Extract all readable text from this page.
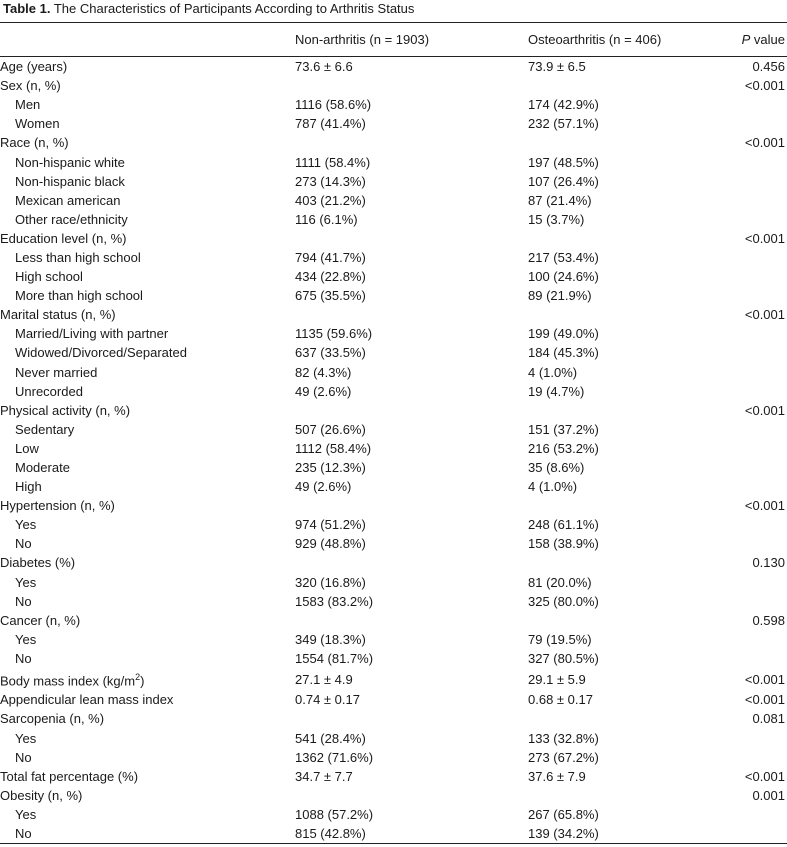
Table 1. The Characteristics of Participants According to Arthritis Status
	Non-arthritis (n = 1903)	Osteoarthritis (n = 406)	P value
Age (years)	73.6 ± 6.6	73.9 ± 6.5	0.456
Sex (n, %)			<0.001
Men	1116 (58.6%)	174 (42.9%)	
Women	787 (41.4%)	232 (57.1%)	
Race (n, %)			<0.001
Non-hispanic white	1111 (58.4%)	197 (48.5%)	
Non-hispanic black	273 (14.3%)	107 (26.4%)	
Mexican american	403 (21.2%)	87 (21.4%)	
Other race/ethnicity	116 (6.1%)	15 (3.7%)	
Education level (n, %)			<0.001
Less than high school	794 (41.7%)	217 (53.4%)	
High school	434 (22.8%)	100 (24.6%)	
More than high school	675 (35.5%)	89 (21.9%)	
Marital status (n, %)			<0.001
Married/Living with partner	1135 (59.6%)	199 (49.0%)	
Widowed/Divorced/Separated	637 (33.5%)	184 (45.3%)	
Never married	82 (4.3%)	4 (1.0%)	
Unrecorded	49 (2.6%)	19 (4.7%)	
Physical activity (n, %)			<0.001
Sedentary	507 (26.6%)	151 (37.2%)	
Low	1112 (58.4%)	216 (53.2%)	
Moderate	235 (12.3%)	35 (8.6%)	
High	49 (2.6%)	4 (1.0%)	
Hypertension (n, %)			<0.001
Yes	974 (51.2%)	248 (61.1%)	
No	929 (48.8%)	158 (38.9%)	
Diabetes (%)			0.130
Yes	320 (16.8%)	81 (20.0%)	
No	1583 (83.2%)	325 (80.0%)	
Cancer (n, %)			0.598
Yes	349 (18.3%)	79 (19.5%)	
No	1554 (81.7%)	327 (80.5%)	
Body mass index $(kg/m^2)$	27.1 ± 4.9	29.1 ± 5.9	<0.001
Appendicular lean mass index	0.74 ± 0.17	0.68 ± 0.17	<0.001
Sarcopenia (n, %)			0.081
Yes	541 (28.4%)	133 (32.8%)	
No	1362 (71.6%)	273 (67.2%)	
Total fat percentage (%)	34.7 ± 7.7	37.6 ± 7.9	<0.001
Obesity (n, %)			0.001
Yes	1088 (57.2%)	267 (65.8%)	
No	815 (42.8%)	139 (34.2%)	
